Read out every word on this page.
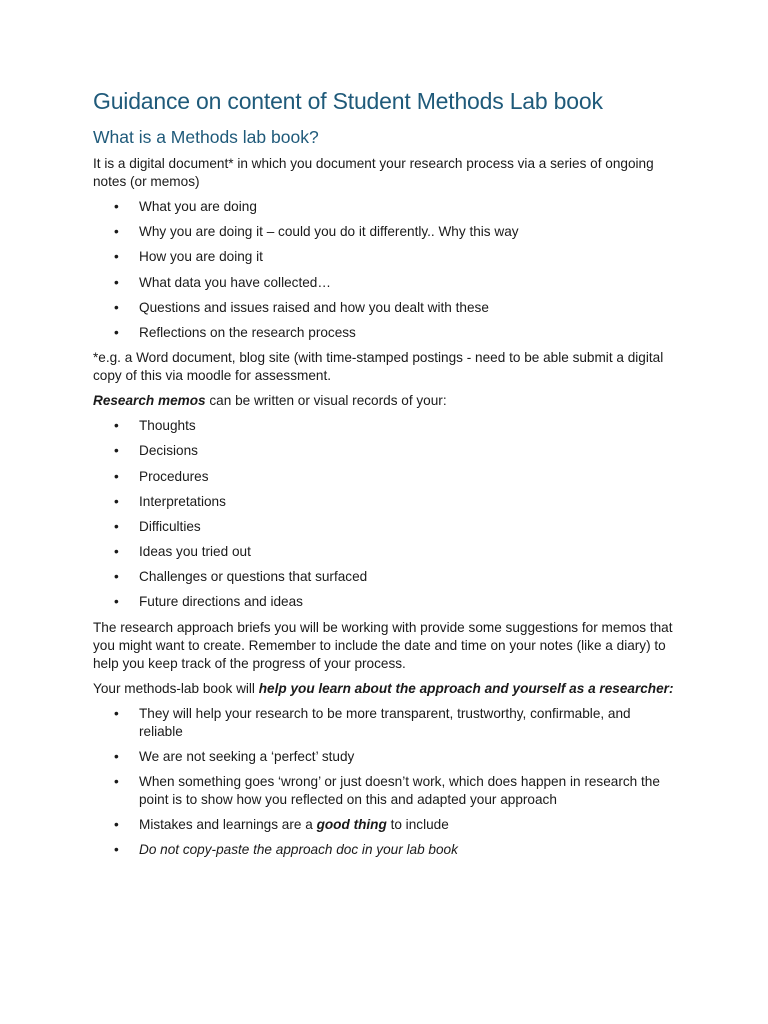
Guidance on content of Student Methods Lab book
What is a Methods lab book?

It is a digital document* in which you document your research process via a series of ongoing notes (or memos)

• What you are doing
• Why you are doing it – could you do it differently.. Why this way
• How you are doing it
• What data you have collected…
• Questions and issues raised and how you dealt with these
• Reflections on the research process

*e.g. a Word document, blog site (with time-stamped postings - need to be able submit a digital copy of this via moodle for assessment.

Research memos can be written or visual records of your:

• Thoughts
• Decisions
• Procedures
• Interpretations
• Difficulties
• Ideas you tried out
• Challenges or questions that surfaced
• Future directions and ideas

The research approach briefs you will be working with provide some suggestions for memos that you might want to create. Remember to include the date and time on your notes (like a diary) to help you keep track of the progress of your process.

Your methods-lab book will help you learn about the approach and yourself as a researcher:

• They will help your research to be more transparent, trustworthy, confirmable, and reliable
• We are not seeking a ‘perfect’ study
• When something goes ‘wrong’ or just doesn’t work, which does happen in research the point is to show how you reflected on this and adapted your approach
• Mistakes and learnings are a good thing to include
• Do not copy-paste the approach doc in your lab book
